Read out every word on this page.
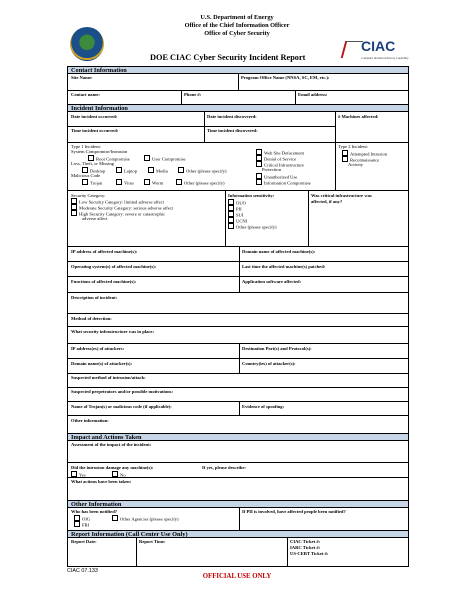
U.S. Department of Energy
Office of the Chief Information Officer
Office of Cyber Security
DOE CIAC Cyber Security Incident Report
CIAC
Computer Incident Advisory Capability
Contact Information
Site Name:	Program Office Name (NNSA, SC, EM, etc.):
Contact name:	Phone #:	Email address:
Incident Information
Date incident occurred:	Date incident discovered:	# Machines affected:
Time incident occurred:	Time incident discovered:
Type 1 Incident:
System Compromise/Intrusion
Root Compromise	User Compromise
Loss, Theft, or Missing
Desktop	Laptop	Media	Other (please specify)
Malicious Code
Trojan	Virus	Worm	Other (please specify)
Web Site Defacement
Denial of Service
Critical Infrastructure
Protection
Unauthorized Use
Information Compromise
Type 2 Incident:
Attempted Intrusion
Reconnaissance
Activity
Security Category:
Low Security Category: limited adverse affect
Moderate Security Category: serious adverse affect
High Security Category: severe or catastrophic
adverse affect
Information sensitivity:
OUO
PII
SUI
UCNI
Other (please specify)
Was critical infrastructure was
affected, if any?
IP address of affected machine(s):	Domain name of affected machine(s):
Operating system(s) of affected machine(s):	Last time the affected machine(s) patched:
Functions of affected machine(s):	Application software affected:
Description of incident:
Method of detection:
What security infrastructure was in place:
IP address(es) of attackers:	Destination Port(s) and Protocol(s):
Domain name(s) of attacker(s):	Country(ies) of attacker(s):
Suspected method of intrusion/attack:
Suspected perpetrators and/or possible motivations:
Name of Trojan(s) or malicious code (if applicable):	Evidence of spoofing:
Other information:
Impact and Actions Taken
Assessment of the impact of the incident:
Did the intrusion damage any machine(s):	If yes, please describe:
Yes	No
What actions have been taken:
Other Information
Who has been notified?
OIG	Other Agencies (please specify)
FBI
If PII is involved, have affected people been notified?
Report Information (Call Center Use Only)
Report Date:	Report Time:	CIAC Ticket #:
IARC Ticket #:
US-CERT Ticket #:
CIAC 07.133
OFFICIAL USE ONLY
